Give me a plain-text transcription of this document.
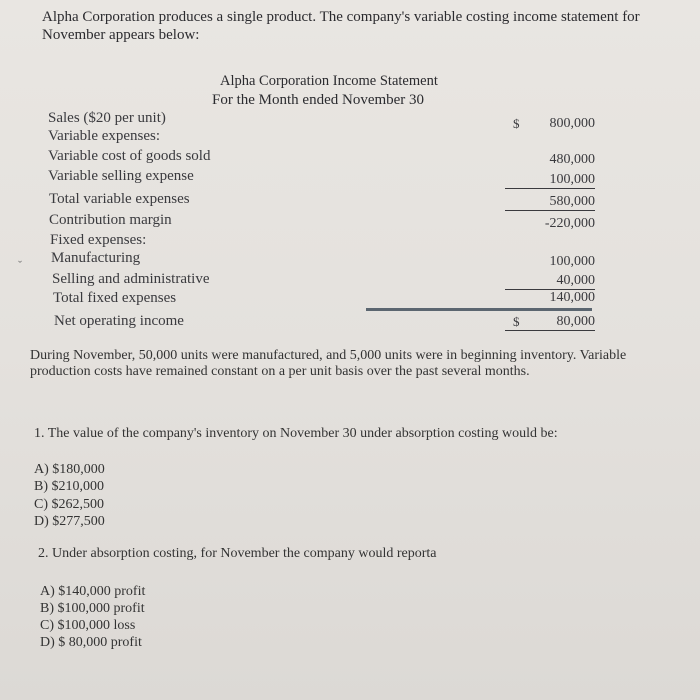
Alpha Corporation produces a single product. The company's variable costing income statement for November appears below:
Alpha Corporation Income Statement
For the Month ended November 30
Sales ($20 per unit)
Variable expenses:
Variable cost of goods sold
Variable selling expense
Total variable expenses
Contribution margin
Fixed expenses:
Manufacturing
Selling and administrative
Total fixed expenses
Net operating income
$	800,000
480,000
100,000
580,000
-220,000
100,000
40,000
140,000
$	80,000
During November, 50,000 units were manufactured, and 5,000 units were in beginning inventory. Variable production costs have remained constant on a per unit basis over the past several months.
1. The value of the company's inventory on November 30 under absorption costing would be:
A) $180,000
B) $210,000
C) $262,500
D) $277,500
2. Under absorption costing, for November the company would reporta
A) $140,000 profit
B) $100,000 profit
C) $100,000 loss
D) $ 80,000 profit
ˇ
